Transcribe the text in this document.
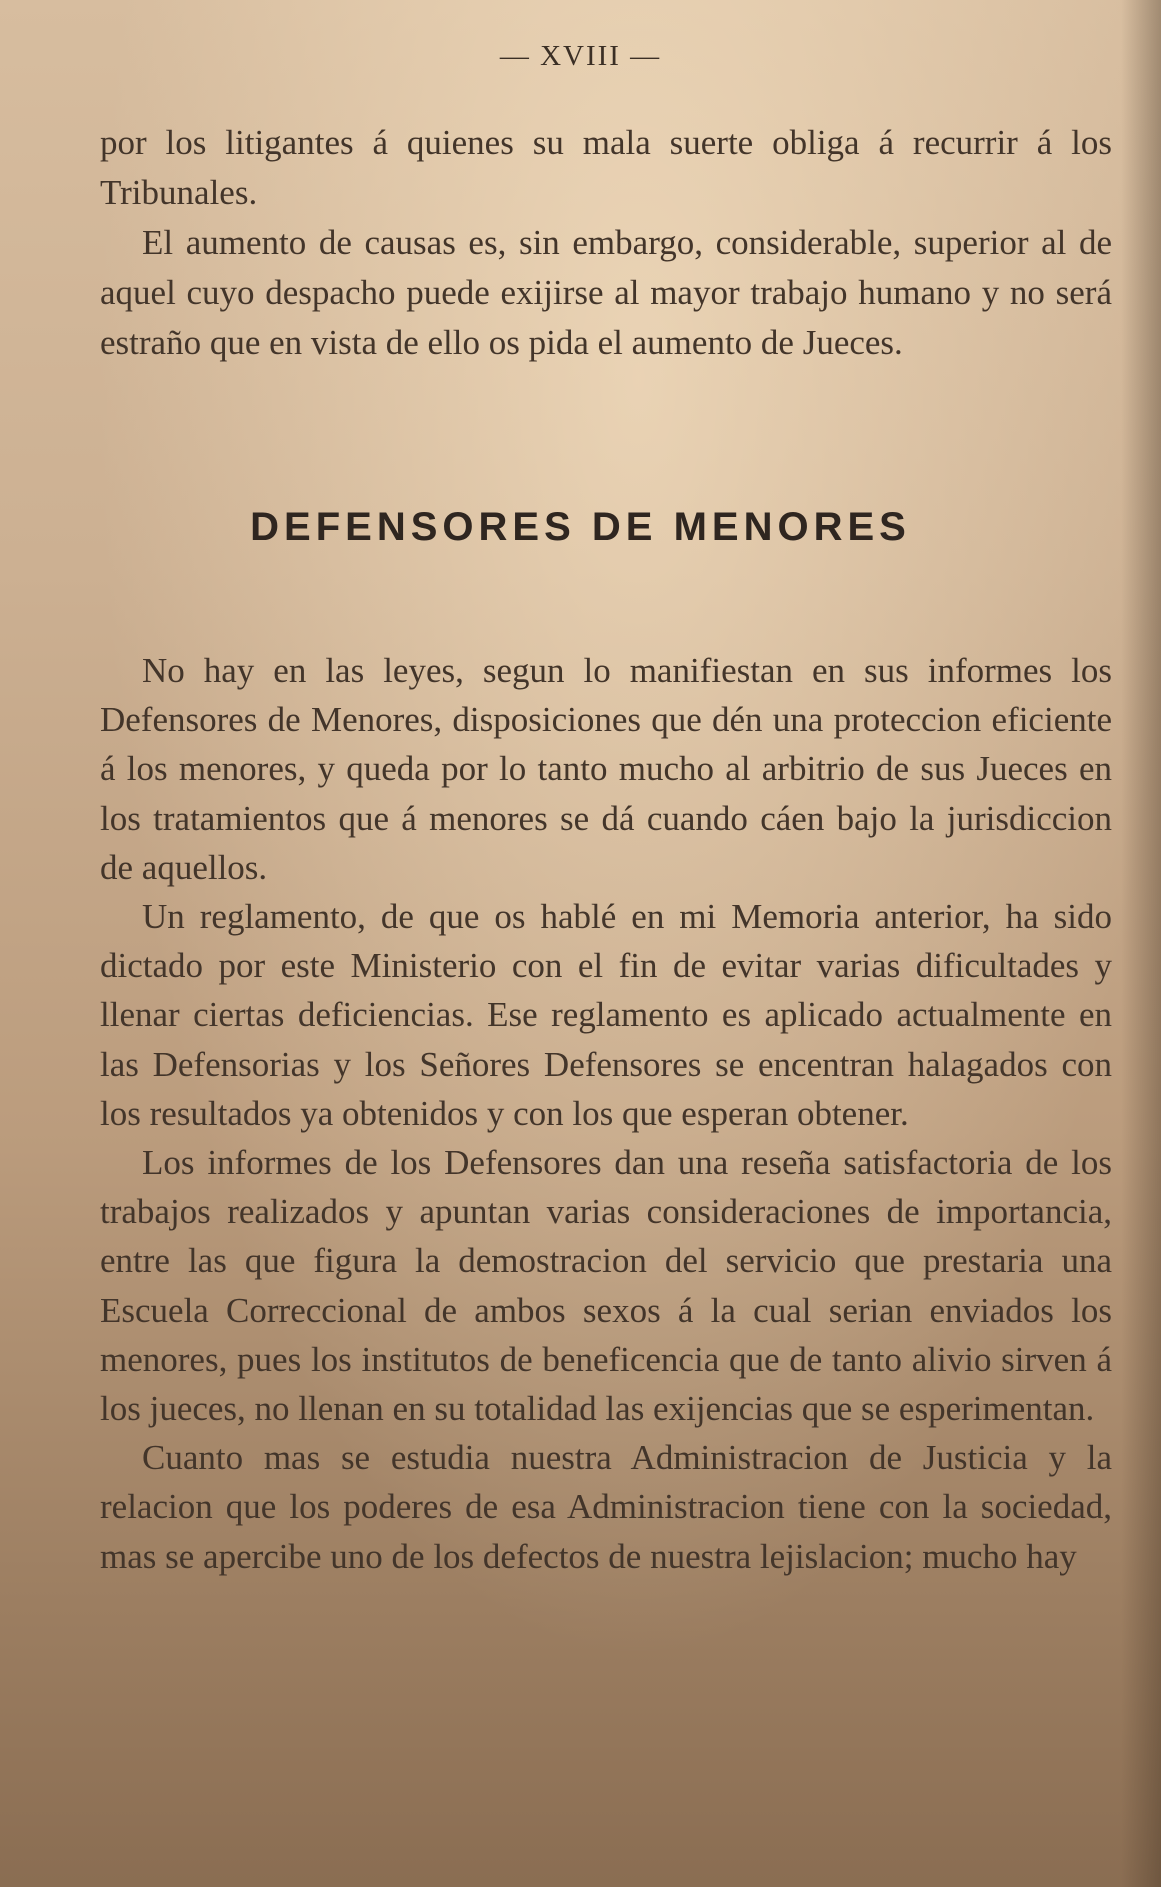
— XVIII —

por los litigantes á quienes su mala suerte obliga á recurrir á los Tribunales.

El aumento de causas es, sin embargo, considerable, superior al de aquel cuyo despacho puede exijirse al mayor trabajo humano y no será estraño que en vista de ello os pida el aumento de Jueces.

DEFENSORES DE MENORES

No hay en las leyes, segun lo manifiestan en sus informes los Defensores de Menores, disposiciones que dén una proteccion eficiente á los menores, y queda por lo tanto mucho al arbitrio de sus Jueces en los tratamientos que á menores se dá cuando cáen bajo la jurisdiccion de aquellos.

Un reglamento, de que os hablé en mi Memoria anterior, ha sido dictado por este Ministerio con el fin de evitar varias dificultades y llenar ciertas deficiencias. Ese reglamento es aplicado actualmente en las Defensorias y los Señores Defensores se encentran halagados con los resultados ya obtenidos y con los que esperan obtener.

Los informes de los Defensores dan una reseña satisfactoria de los trabajos realizados y apuntan varias consideraciones de importancia, entre las que figura la demostracion del servicio que prestaria una Escuela Correccional de ambos sexos á la cual serian enviados los menores, pues los institutos de beneficencia que de tanto alivio sirven á los jueces, no llenan en su totalidad las exijencias que se esperimentan.

Cuanto mas se estudia nuestra Administracion de Justicia y la relacion que los poderes de esa Administracion tiene con la sociedad, mas se apercibe uno de los defectos de nuestra lejislacion; mucho hay
